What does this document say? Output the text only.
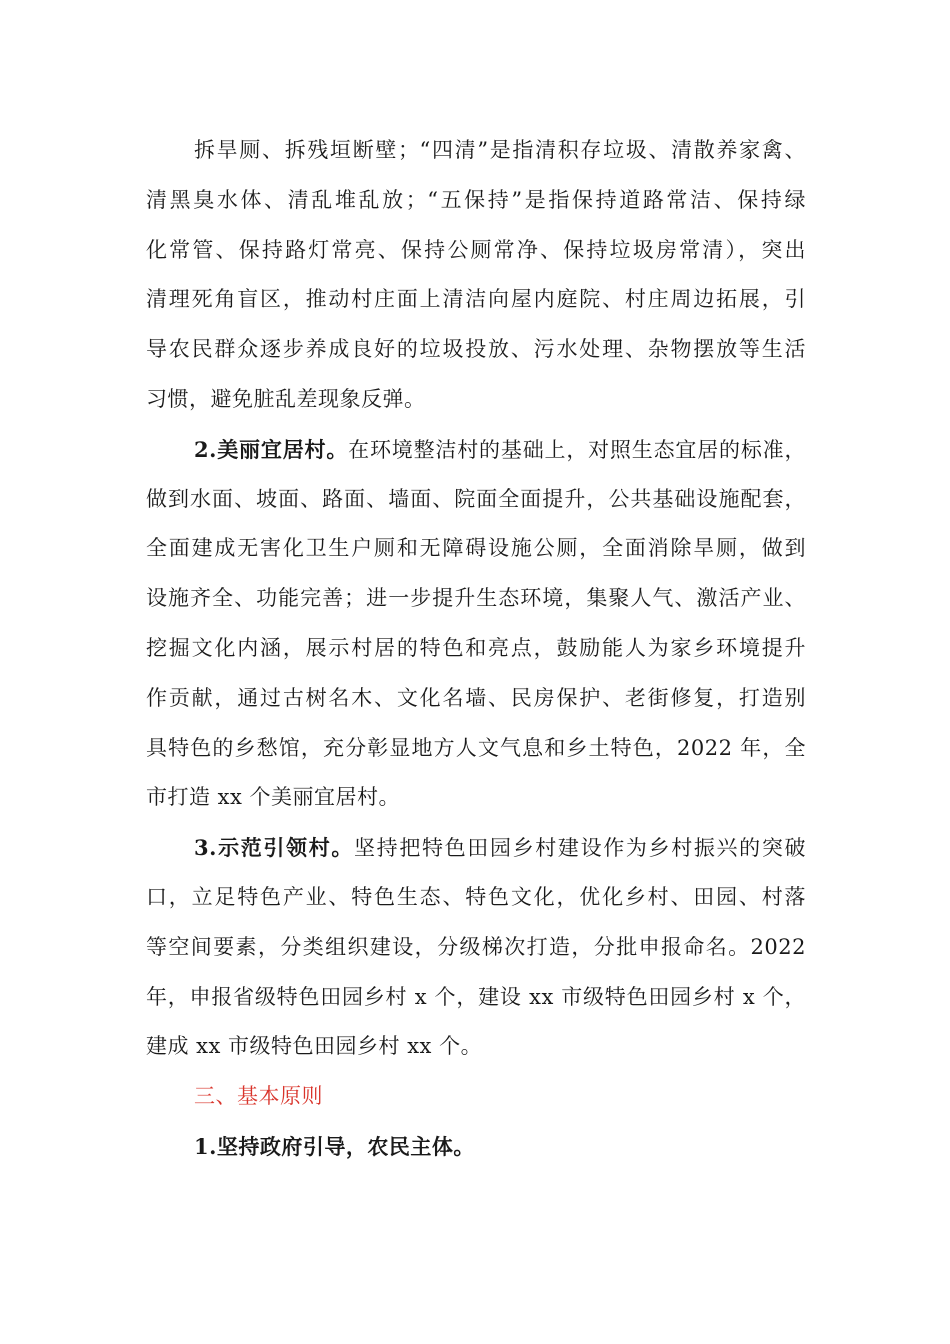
拆旱厕、拆残垣断壁；“四清”是指清积存垃圾、清散养家禽、
清黑臭水体、清乱堆乱放；“五保持”是指保持道路常洁、保持绿
化常管、保持路灯常亮、保持公厕常净、保持垃圾房常清），突出
清理死角盲区，推动村庄面上清洁向屋内庭院、村庄周边拓展，引
导农民群众逐步养成良好的垃圾投放、污水处理、杂物摆放等生活
习惯，避免脏乱差现象反弹。
2.美丽宜居村。在环境整洁村的基础上，对照生态宜居的标准，
做到水面、坡面、路面、墙面、院面全面提升，公共基础设施配套，
全面建成无害化卫生户厕和无障碍设施公厕，全面消除旱厕，做到
设施齐全、功能完善；进一步提升生态环境，集聚人气、激活产业、
挖掘文化内涵，展示村居的特色和亮点，鼓励能人为家乡环境提升
作贡献，通过古树名木、文化名墙、民房保护、老街修复，打造别
具特色的乡愁馆，充分彰显地方人文气息和乡土特色，2022 年，全
市打造 xx 个美丽宜居村。
3.示范引领村。坚持把特色田园乡村建设作为乡村振兴的突破
口，立足特色产业、特色生态、特色文化，优化乡村、田园、村落
等空间要素，分类组织建设，分级梯次打造，分批申报命名。2022
年，申报省级特色田园乡村 x 个，建设 xx 市级特色田园乡村 x 个，
建成 xx 市级特色田园乡村 xx 个。
三、基本原则
1.坚持政府引导，农民主体。
